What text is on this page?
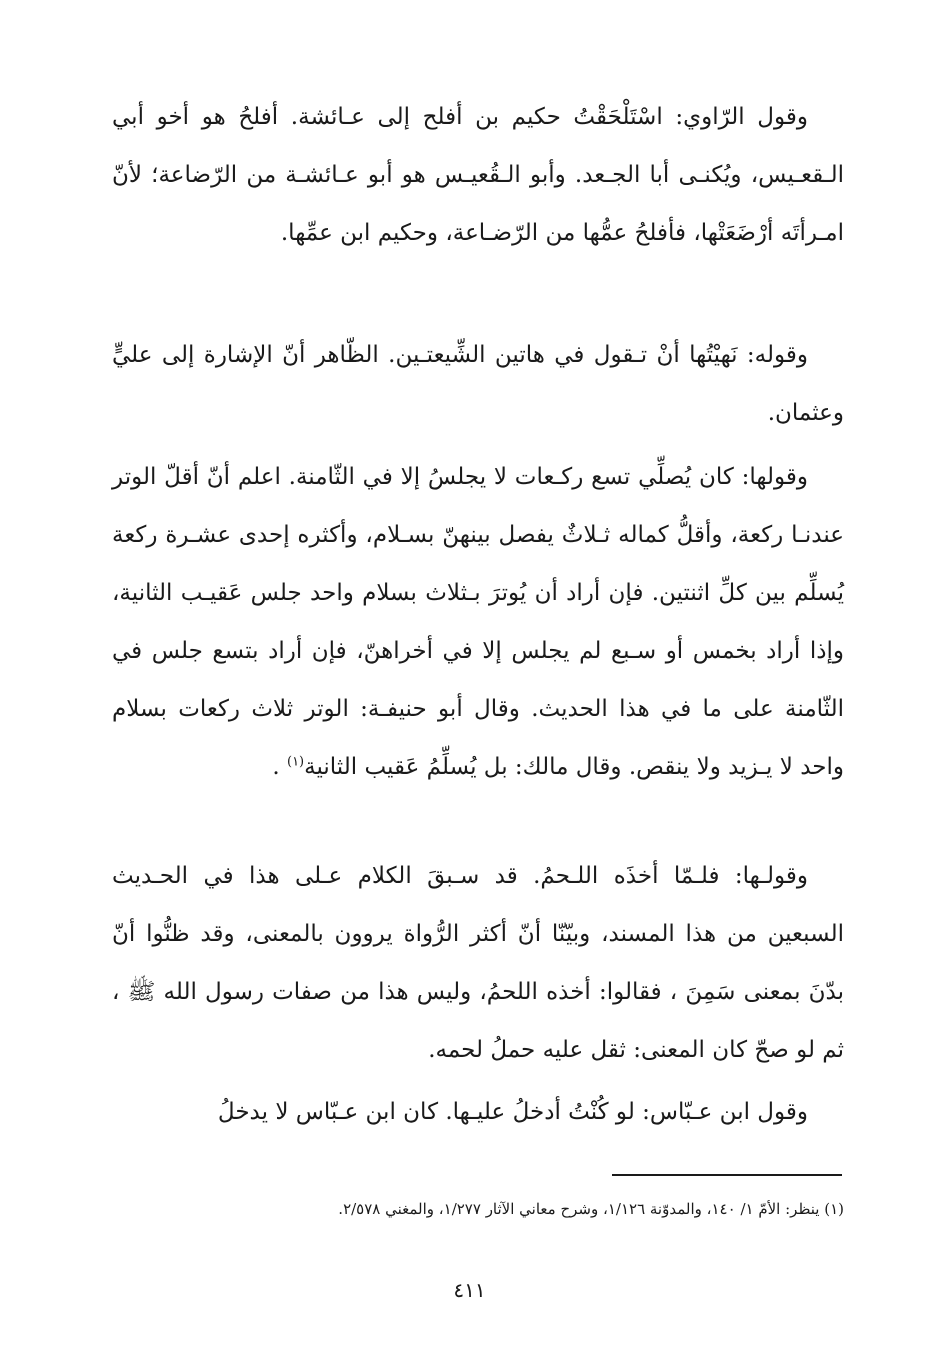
وقول الرّاوي: اسْتَلْحَقْتُ حكيم بن أفلح إلى عـائشة. أفلحُ هو أخو أبي الـقعـيس، ويُكنـى أبا الجـعد. وأبو الـقُعيـس هو أبو عـائشـة من الرّضاعة؛ لأنّ امـرأتَه أرْضَعَتْها، فأفلحُ عمُّها من الرّضـاعة، وحكيم ابن عمِّها.

وقوله: نَهيْتُها أنْ تـقول في هاتين الشِّيعتـين. الظّاهر أنّ الإشارة إلى عليٍّ وعثمان.

وقولها: كان يُصلِّي تسع ركـعات لا يجلسُ إلا في الثّامنة. اعلم أنّ أقلّ الوتر عندنـا ركعة، وأقلُّ كماله ثـلاثٌ يفصل بينهنّ بسـلام، وأكثره إحدى عشـرة ركعة يُسلِّم بين كلِّ اثنتين. فإن أراد أن يُوترَ بـثلاث بسلام واحد جلس عَقيـب الثانية، وإذا أراد بخمس أو سـبع لم يجلس إلا في أخراهنّ، فإن أراد بتسع جلس في الثّامنة على ما في هذا الحديث. وقال أبو حنيفـة: الوتر ثلاث ركعات بسلام واحد لا يـزيد ولا ينقص. وقال مالك: بل يُسلِّمُ عَقيب الثانية$^{(١)}$ .

وقولـها: فلـمّا أخذَه اللـحمُ. قد سـبقَ الكلام عـلى هذا في الحـديث السبعين من هذا المسند، وبيّنّا أنّ أكثر الرُّواة يروون بالمعنى، وقد ظنُّوا أنّ بدّنَ بمعنى سَمِنَ ، فقالوا: أخذه اللحمُ، وليس هذا من صفات رسول الله ﷺ ، ثم لو صحّ كان المعنى: ثقل عليه حملُ لحمه.

وقول ابن عـبّاس: لو كُنْتُ أدخلُ عليـها. كان ابن عـبّاس لا يدخلُ

(١) ينظر: الأمّ ١/ ١٤٠، والمدوّنة ١/١٢٦، وشرح معاني الآثار ١/٢٧٧، والمغني ٢/٥٧٨.
٤١١
